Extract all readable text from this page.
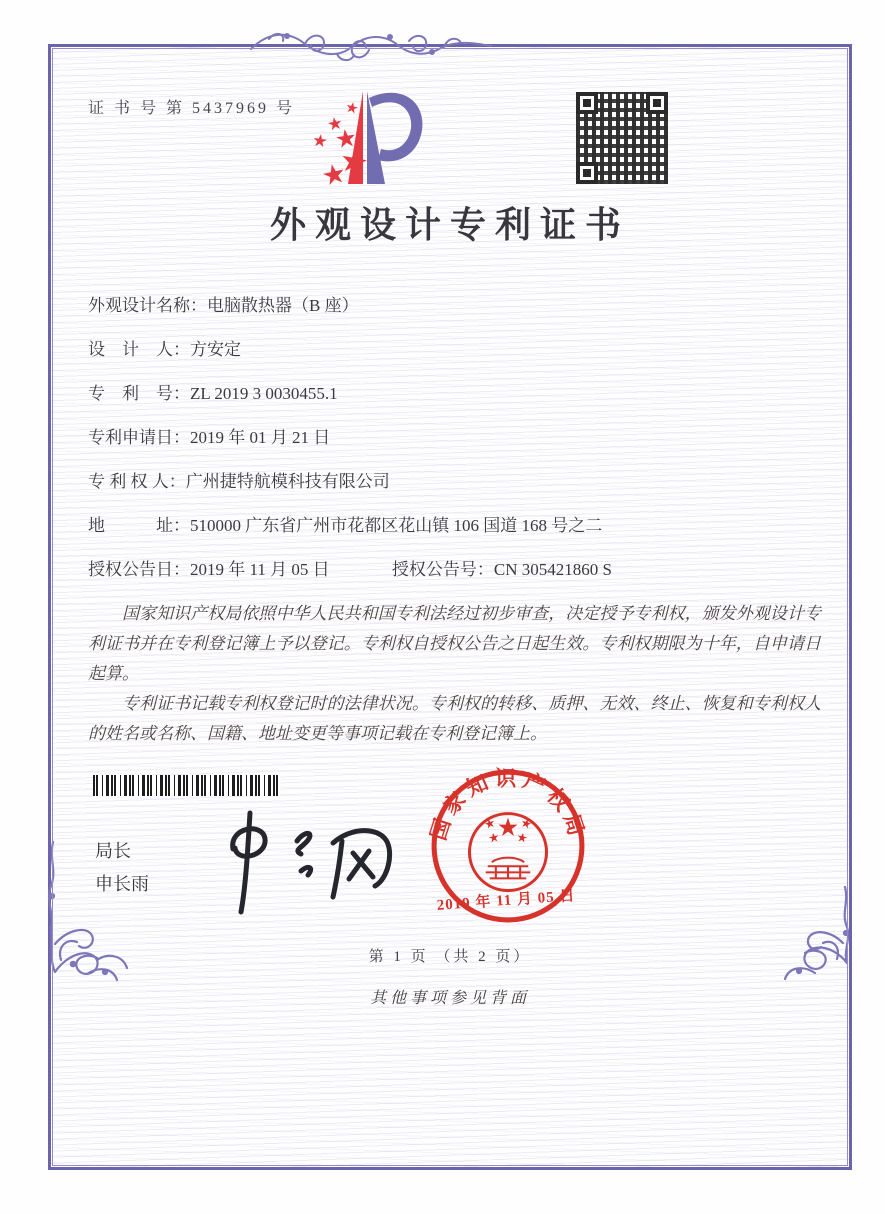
证 书 号 第 5437969 号
外观设计专利证书
外观设计名称：电脑散热器（B 座）
设　计　人：方安定
专　利　号：ZL 2019 3 0030455.1
专利申请日：2019 年 01 月 21 日
专 利 权 人：广州捷特航模科技有限公司
地　　　址：510000 广东省广州市花都区花山镇 106 国道 168 号之二
授权公告日：2019 年 11 月 05 日	授权公告号：CN 305421860 S

国家知识产权局依照中华人民共和国专利法经过初步审查，决定授予专利权，颁发外观设计专利证书并在专利登记簿上予以登记。专利权自授权公告之日起生效。专利权期限为十年，自申请日起算。

专利证书记载专利权登记时的法律状况。专利权的转移、质押、无效、终止、恢复和专利权人的姓名或名称、国籍、地址变更等事项记载在专利登记簿上。

局长
申长雨
国家知识产权局
2019 年 11 月 05 日
第 1 页 （共 2 页）
其他事项参见背面
